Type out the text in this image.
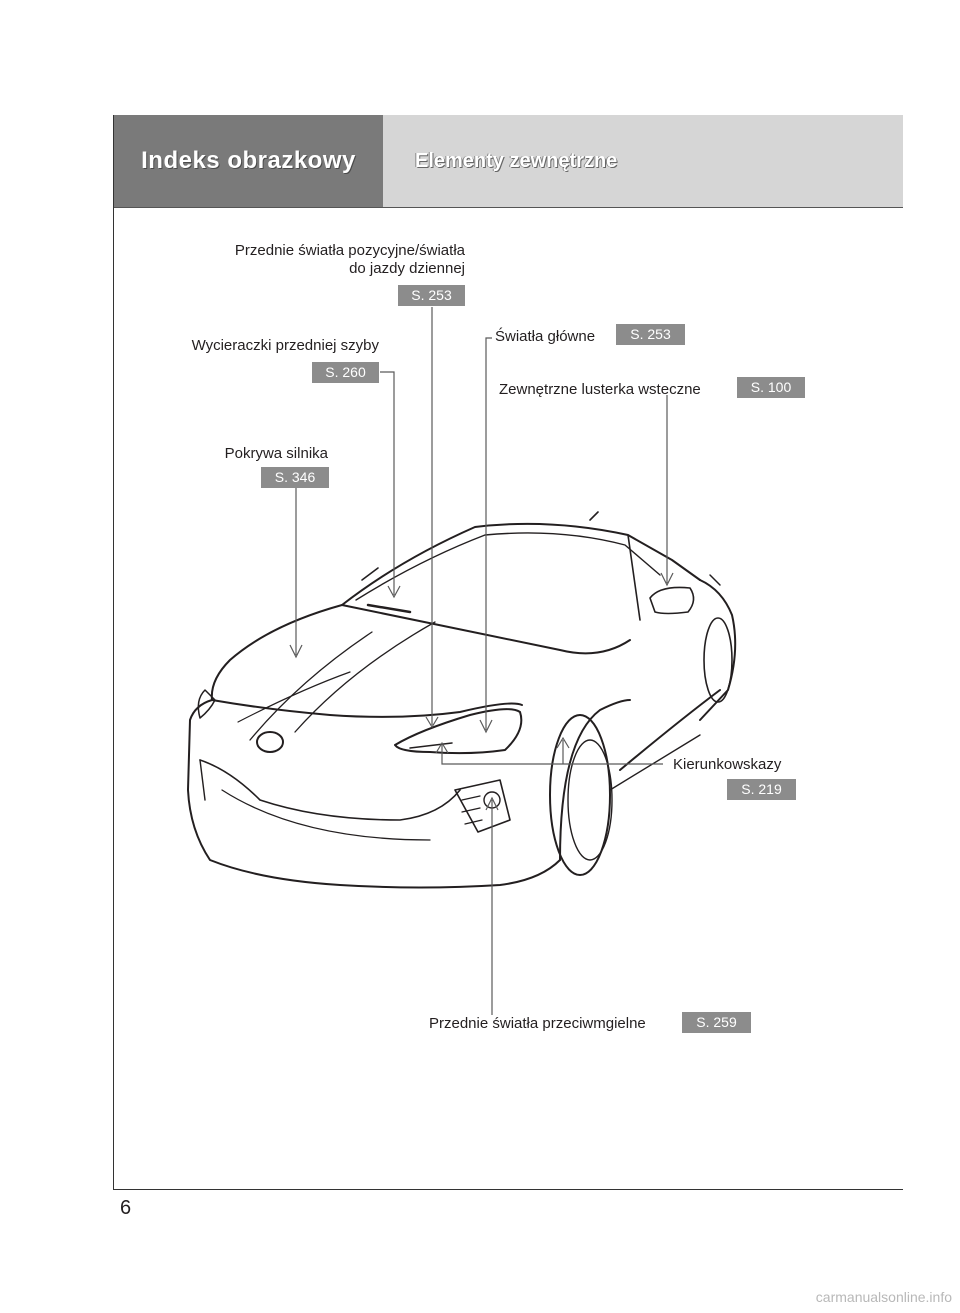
Indeks obrazkowy	Elementy zewnętrzne
Przednie światła pozycyjne/światła
do jazdy dziennej
S. 253
Wycieraczki przedniej szyby
S. 260
Pokrywa silnika
S. 346
Światła główne	S. 253
Zewnętrzne lusterka wsteczne	S. 100
Kierunkowskazy
S. 219
Przednie światła przeciwmgielne	S. 259
6
carmanualsonline.info
